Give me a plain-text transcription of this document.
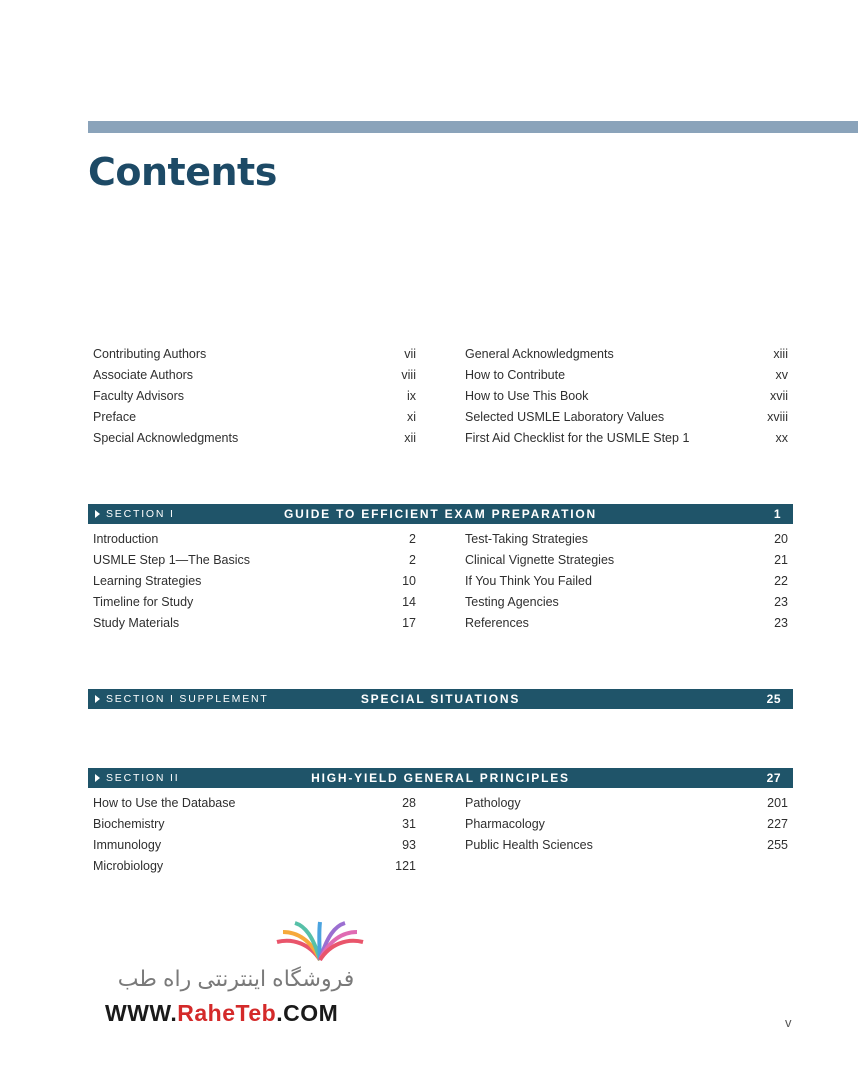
Contents
Contributing Authors	vii
Associate Authors	viii
Faculty Advisors	ix
Preface	xi
Special Acknowledgments	xii
General Acknowledgments	xiii
How to Contribute	xv
How to Use This Book	xvii
Selected USMLE Laboratory Values	xviii
First Aid Checklist for the USMLE Step 1	xx
SECTION I	GUIDE TO EFFICIENT EXAM PREPARATION	1
Introduction	2
USMLE Step 1—The Basics	2
Learning Strategies	10
Timeline for Study	14
Study Materials	17
Test-Taking Strategies	20
Clinical Vignette Strategies	21
If You Think You Failed	22
Testing Agencies	23
References	23
SECTION I SUPPLEMENT	SPECIAL SITUATIONS	25
SECTION II	HIGH-YIELD GENERAL PRINCIPLES	27
How to Use the Database	28
Biochemistry	31
Immunology	93
Microbiology	121
Pathology	201
Pharmacology	227
Public Health Sciences	255
فروشگاه اینترنتی راه طب
WWW.RaheTeb.COM	v
